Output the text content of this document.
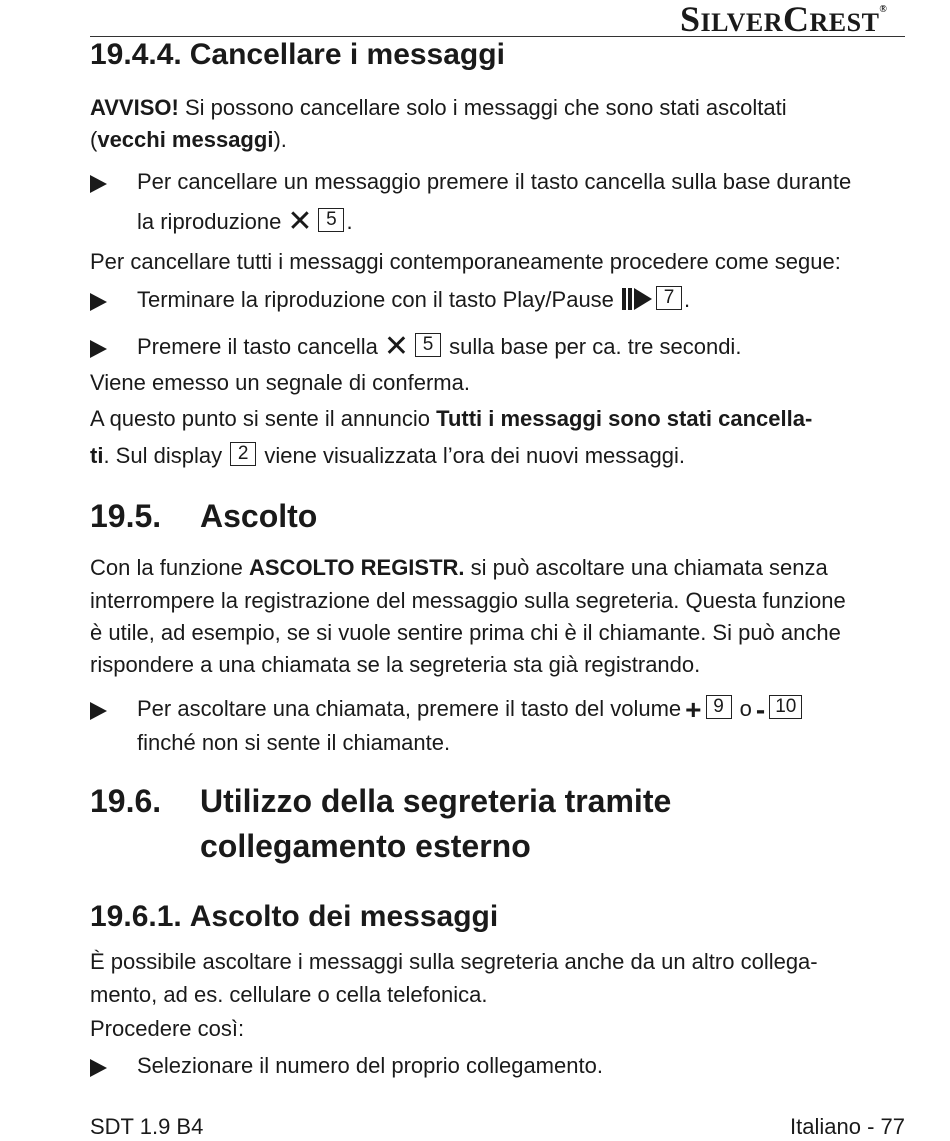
SILVERCREST®
19.4.4. Cancellare i messaggi

AVVISO! Si possono cancellare solo i messaggi che sono stati ascoltati

(vecchi messaggi).

Per cancellare un messaggio premere il tasto cancella sulla base durante
la riproduzione ✕ 5 .

Per cancellare tutti i messaggi contemporaneamente procedere come segue:

Terminare la riproduzione con il tasto Play/Pause	7 .
Premere il tasto cancella ✕ 5 sulla base per ca. tre secondi.

Viene emesso un segnale di conferma.

A questo punto si sente il annuncio Tutti i messaggi sono stati cancella-

ti. Sul display 2 viene visualizzata l’ora dei nuovi messaggi.

19.5. Ascolto

Con la funzione ASCOLTO REGISTR. si può ascoltare una chiamata senza

interrompere la registrazione del messaggio sulla segreteria. Questa funzione

è utile, ad esempio, se si vuole sentire prima chi è il chiamante. Si può anche

rispondere a una chiamata se la segreteria sta già registrando.

Per ascoltare una chiamata, premere il tasto del volume + 9 o - 10
finché non si sente il chiamante.
19.6. Utilizzo della segreteria tramite
collegamento esterno
19.6.1. Ascolto dei messaggi

È possibile ascoltare i messaggi sulla segreteria anche da un altro collega-

mento, ad es. cellulare o cella telefonica.

Procedere così:

Selezionare il numero del proprio collegamento.
SDT 1.9 B4	Italiano - 77
